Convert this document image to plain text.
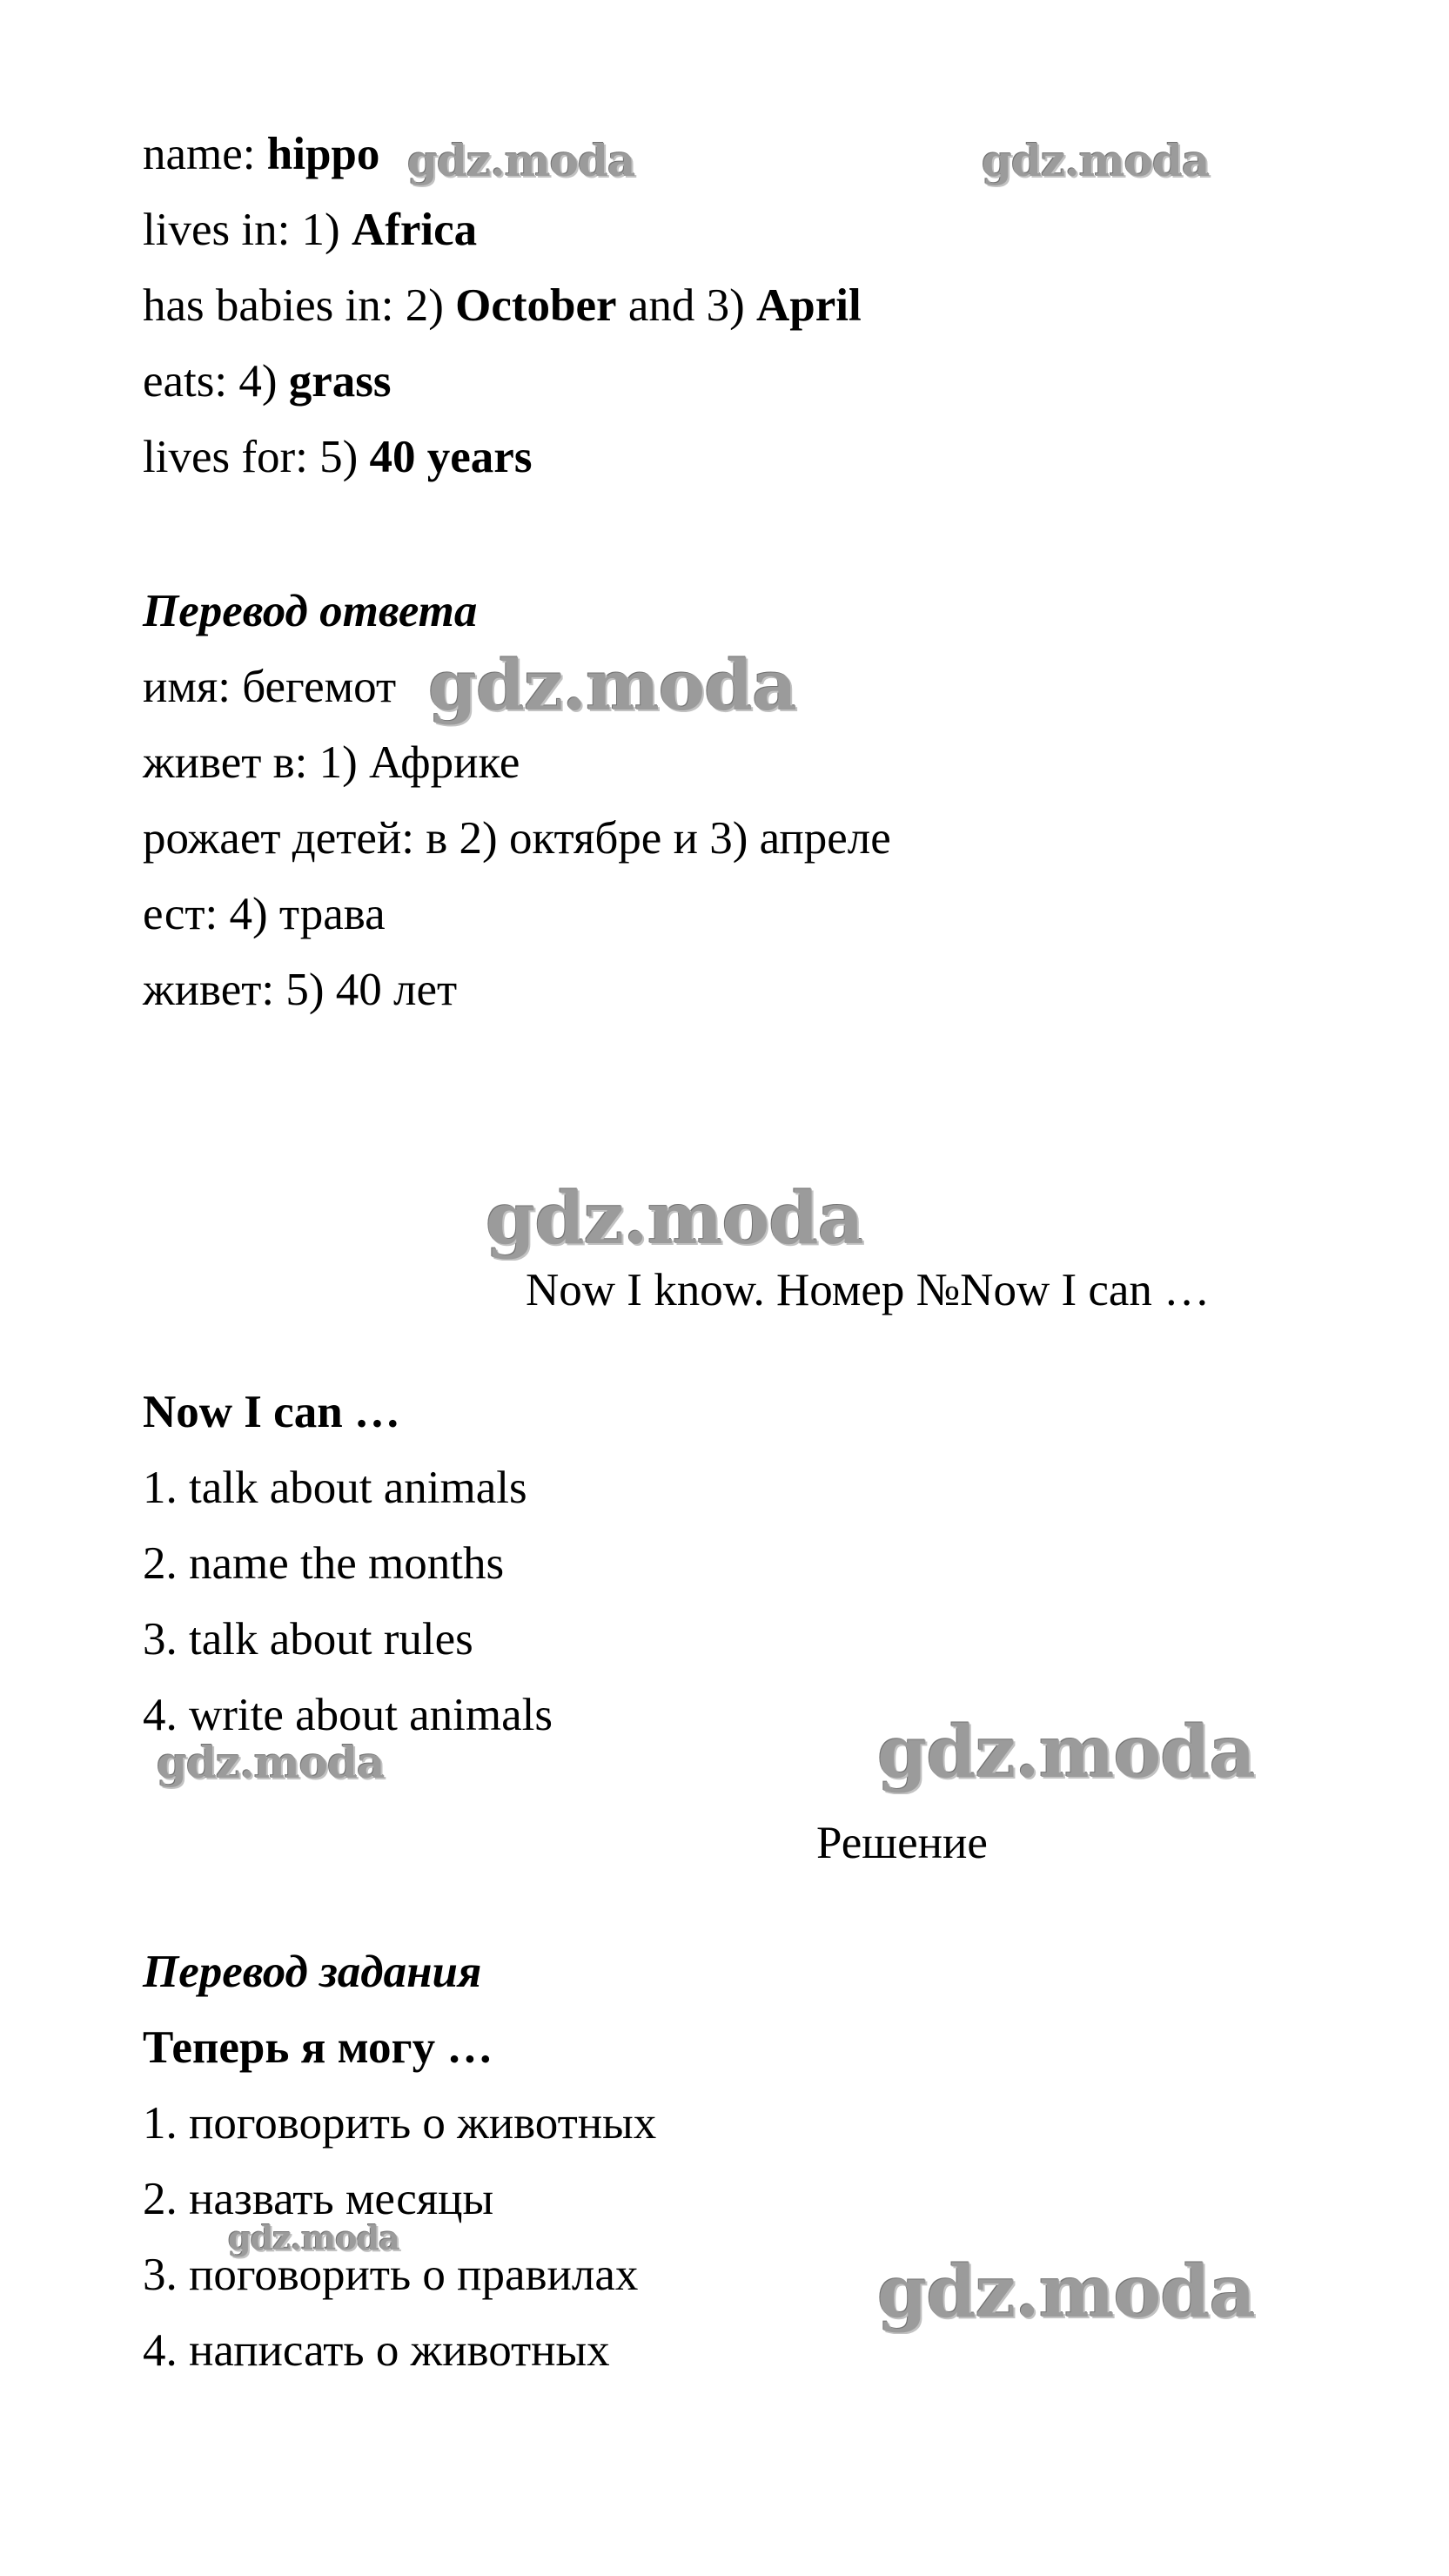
name: hippo
lives in: 1) Africa
has babies in: 2) October and 3) April
eats: 4) grass
lives for: 5) 40 years
Перевод ответа
имя: бегемот
живет в: 1) Африке
рожает детей: в 2) октябре и 3) апреле
ест: 4) трава
живет: 5) 40 лет
Now I know. Номер №Now I can …
Now I can …
1. talk about animals
2. name the months
3. talk about rules
4. write about animals
Решение
Перевод задания
Теперь я могу …
1. поговорить о животных
2. назвать месяцы
3. поговорить о правилах
4. написать о животных
gdz.moda	gdz.moda
gdz.moda
gdz.moda
gdz.moda	gdz.moda
gdz.moda
gdz.moda
